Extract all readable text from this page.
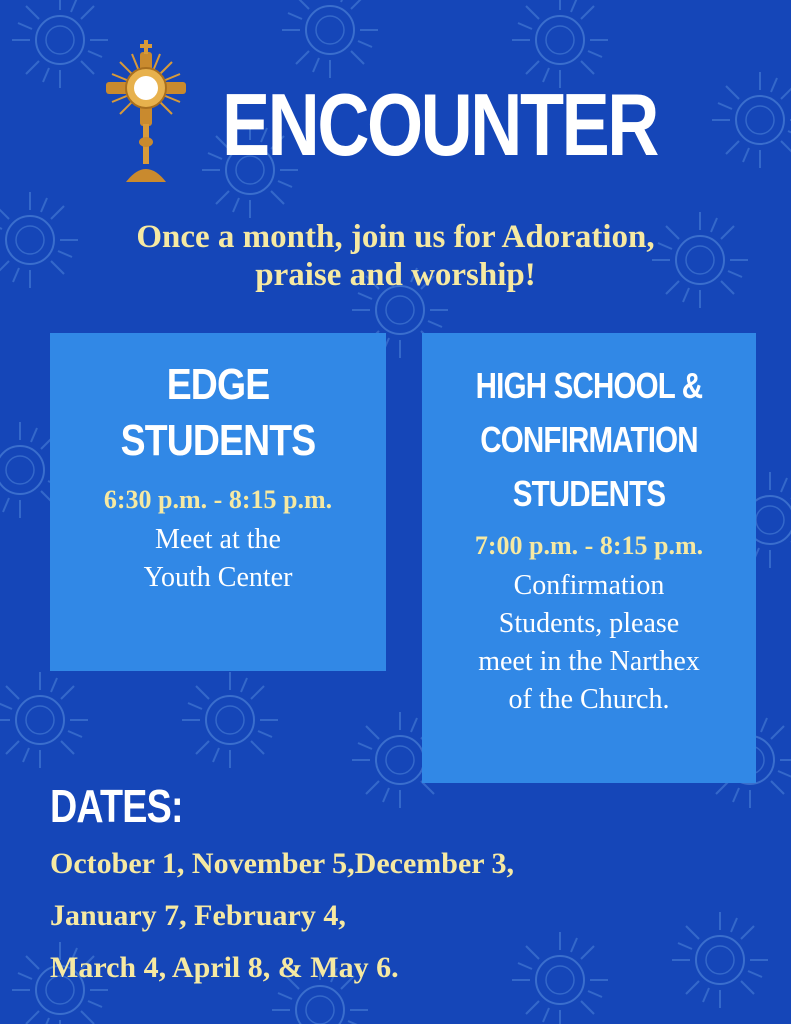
ENCOUNTER
Once a month, join us for Adoration,
praise and worship!
EDGE
STUDENTS
6:30 p.m. - 8:15 p.m.
Meet at the
Youth Center
HIGH SCHOOL &
CONFIRMATION
STUDENTS
7:00 p.m. - 8:15 p.m.
Confirmation
Students, please
meet in the Narthex
of the Church.
DATES:
October 1, November 5,December 3,
January 7, February 4,
March 4, April 8, & May 6.
